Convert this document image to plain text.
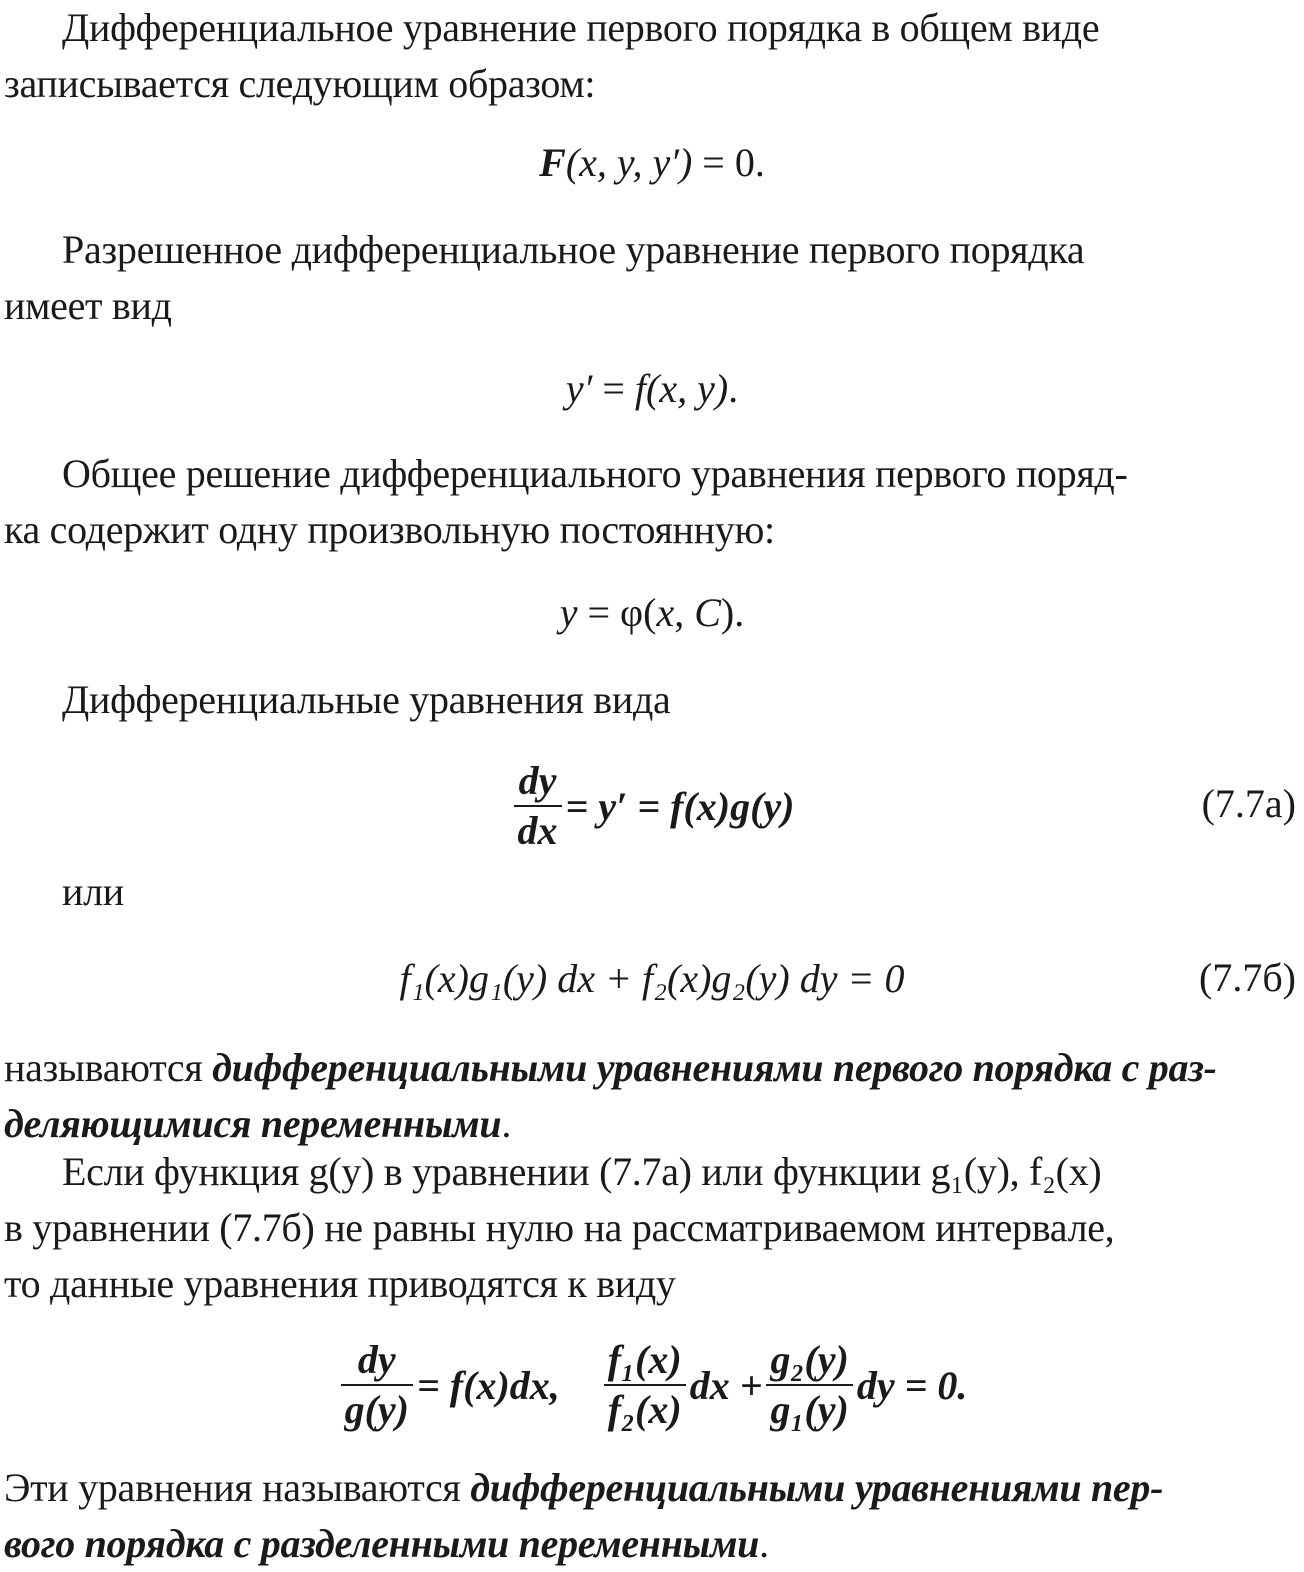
Дифференциальное уравнение первого порядка в общем виде
записывается следующим образом:
F(x, y, y′) = 0.
Разрешенное дифференциальное уравнение первого порядка
имеет вид
y′ = f(x, y).
Общее решение дифференциального уравнения первого поряд-
ка содержит одну произвольную постоянную:
y = φ(x, C).
Дифференциальные уравнения вида
$\frac{dy}{dx} = y' = f(x)g(y)$	(7.7а)
или
f₁(x)g₁(y) dx + f₂(x)g₂(y) dy = 0	(7.7б)
называются дифференциальными уравнениями первого порядка с раз-
деляющимися переменными.
Если функция g(y) в уравнении (7.7а) или функции g₁(y), f₂(x)
в уравнении (7.7б) не равны нулю на рассматриваемом интервале,
то данные уравнения приводятся к виду
$\frac{dy}{g(y)} = f(x)dx$, $\frac{\text{f₁(x)}}{\text{f₂(x)}}$ dx + $\frac{\text{g₂(y)}}{\text{g₁(y)}}$ dy = 0.
Эти уравнения называются дифференциальными уравнениями пер-
вого порядка с разделенными переменными.
